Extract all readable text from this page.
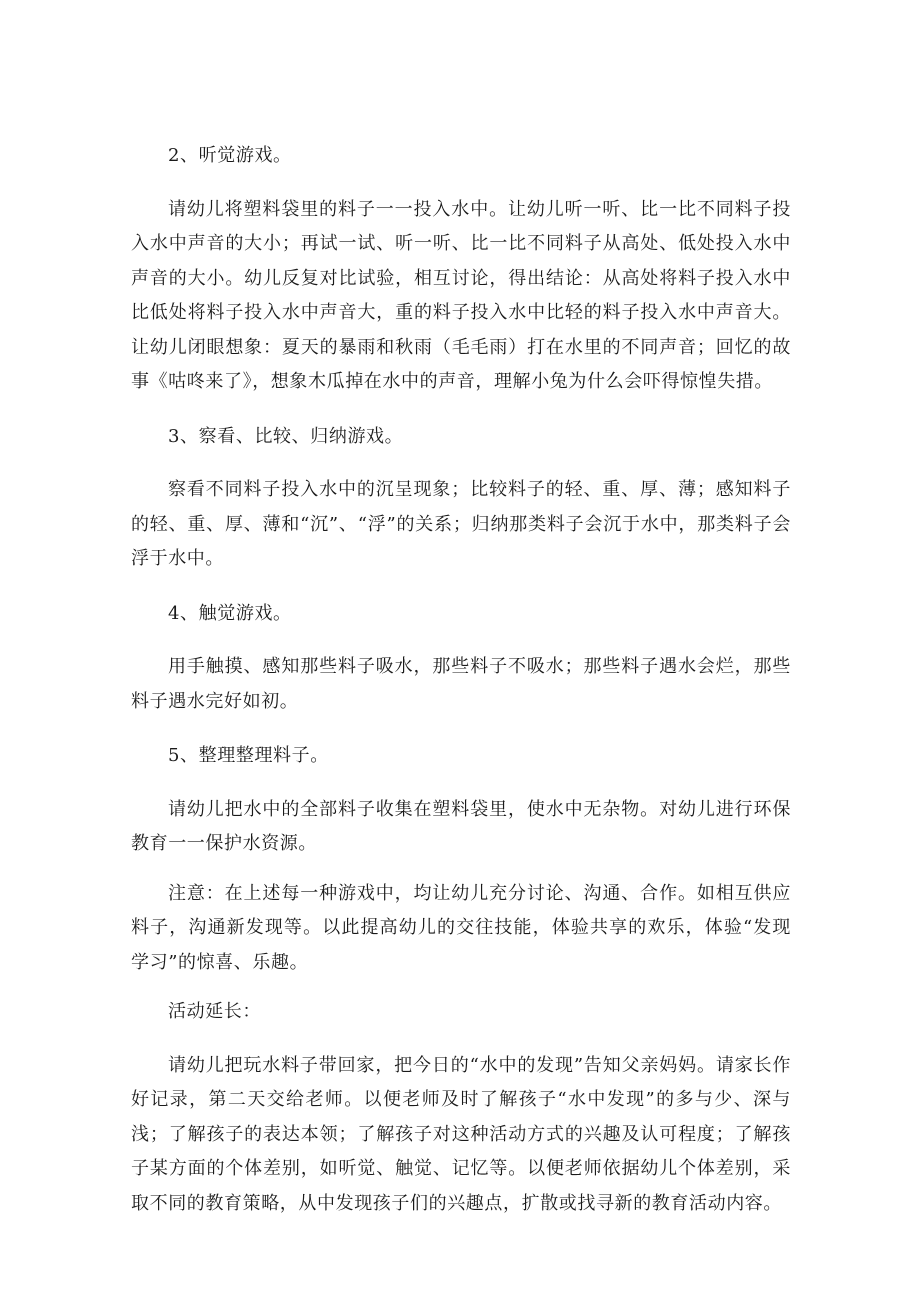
2、听觉游戏。

请幼儿将塑料袋里的料子一一投入水中。让幼儿听一听、比一比不同料子投入水中声音的大小；再试一试、听一听、比一比不同料子从高处、低处投入水中声音的大小。幼儿反复对比试验，相互讨论，得出结论：从高处将料子投入水中比低处将料子投入水中声音大，重的料子投入水中比轻的料子投入水中声音大。让幼儿闭眼想象：夏天的暴雨和秋雨（毛毛雨）打在水里的不同声音；回忆的故事《咕咚来了》，想象木瓜掉在水中的声音，理解小兔为什么会吓得惊惶失措。

3、察看、比较、归纳游戏。

察看不同料子投入水中的沉呈现象；比较料子的轻、重、厚、薄；感知料子的轻、重、厚、薄和“沉”、“浮”的关系；归纳那类料子会沉于水中，那类料子会浮于水中。

4、触觉游戏。

用手触摸、感知那些料子吸水，那些料子不吸水；那些料子遇水会烂，那些料子遇水完好如初。

5、整理整理料子。

请幼儿把水中的全部料子收集在塑料袋里，使水中无杂物。对幼儿进行环保教育一一保护水资源。

注意：在上述每一种游戏中，均让幼儿充分讨论、沟通、合作。如相互供应料子，沟通新发现等。以此提高幼儿的交往技能，体验共享的欢乐，体验“发现学习”的惊喜、乐趣。

活动延长：

请幼儿把玩水料子带回家，把今日的“水中的发现”告知父亲妈妈。请家长作好记录，第二天交给老师。以便老师及时了解孩子“水中发现”的多与少、深与浅；了解孩子的表达本领；了解孩子对这种活动方式的兴趣及认可程度；了解孩子某方面的个体差别，如听觉、触觉、记忆等。以便老师依据幼儿个体差别，采取不同的教育策略，从中发现孩子们的兴趣点，扩散或找寻新的教育活动内容。
